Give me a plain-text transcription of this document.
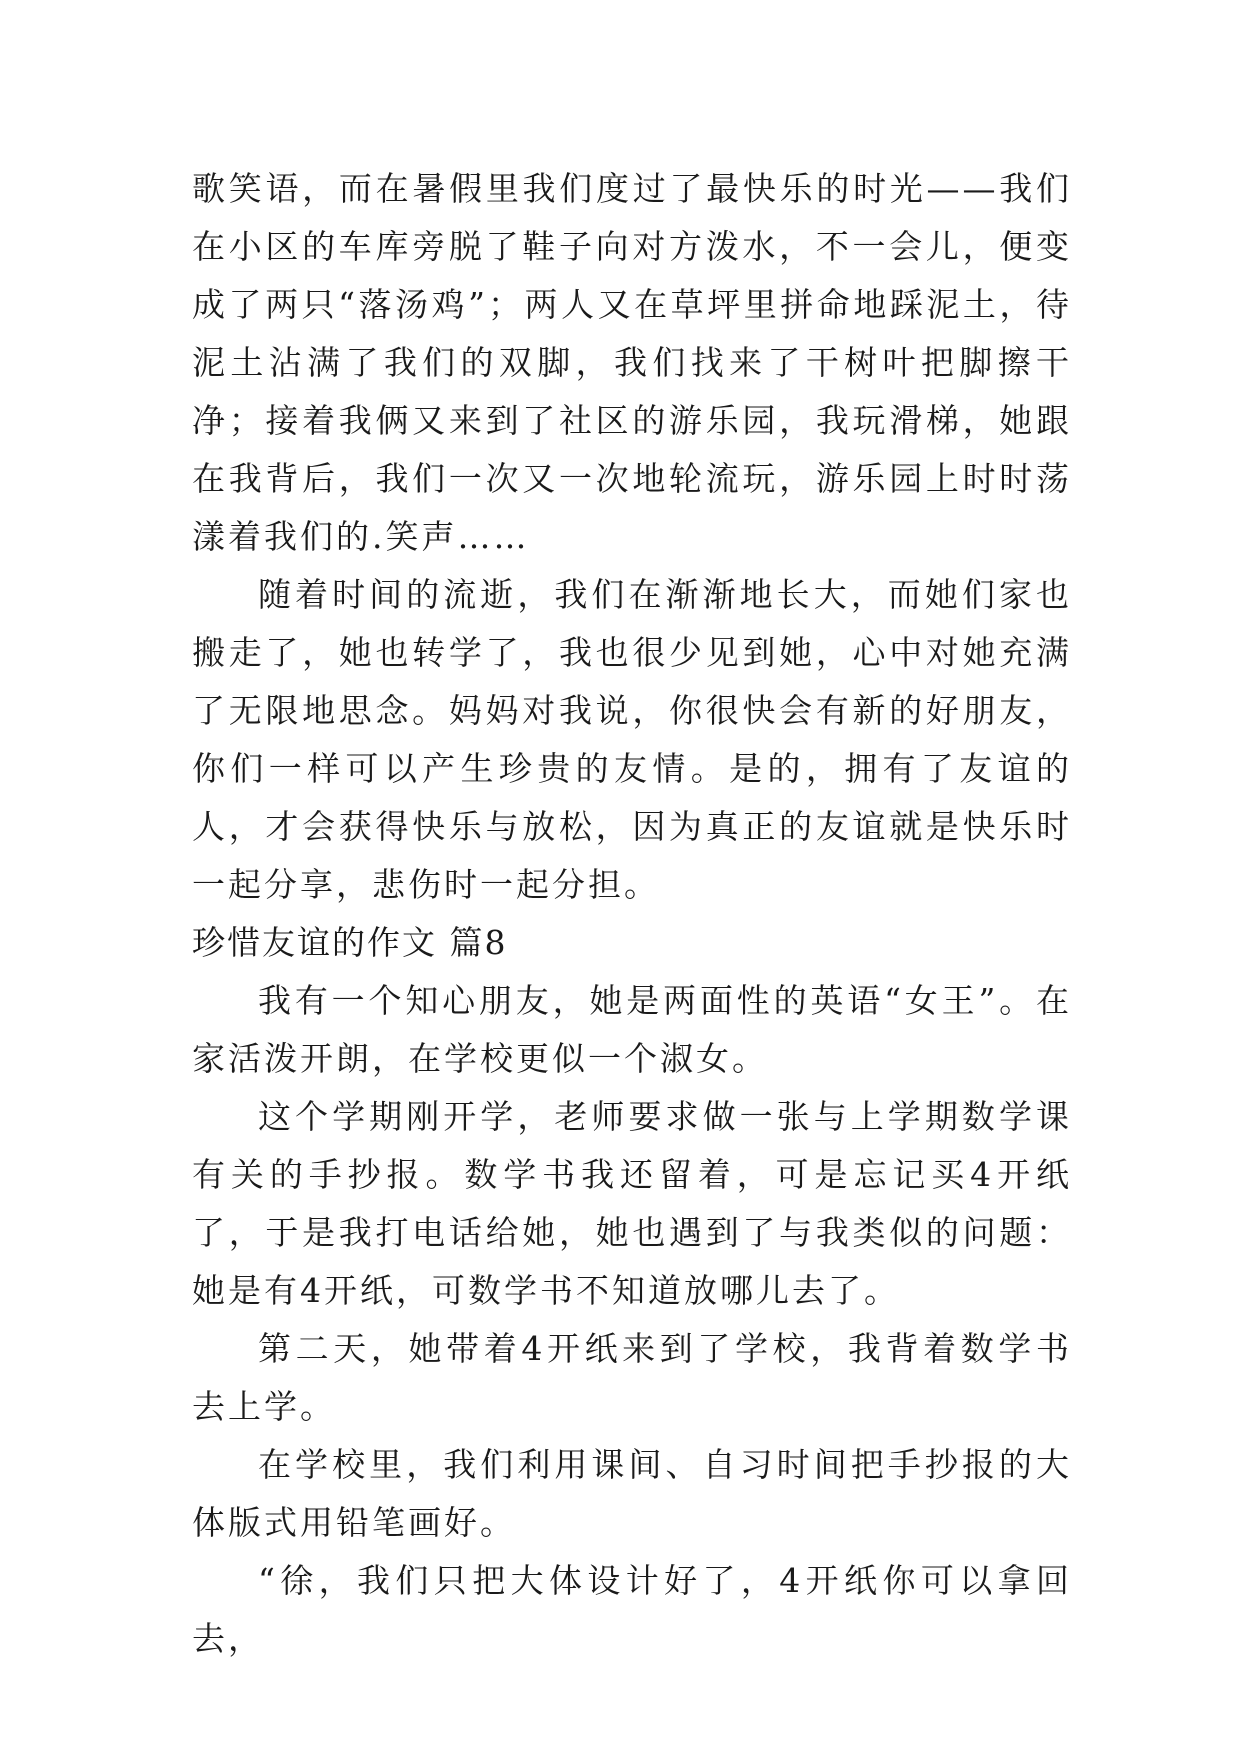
歌笑语，而在暑假里我们度过了最快乐的时光——我们在小区的车库旁脱了鞋子向对方泼水，不一会儿，便变成了两只“落汤鸡”；两人又在草坪里拼命地踩泥土，待泥土沾满了我们的双脚，我们找来了干树叶把脚擦干净；接着我俩又来到了社区的游乐园，我玩滑梯，她跟在我背后，我们一次又一次地轮流玩，游乐园上时时荡漾着我们的.笑声……

随着时间的流逝，我们在渐渐地长大，而她们家也搬走了，她也转学了，我也很少见到她，心中对她充满了无限地思念。妈妈对我说，你很快会有新的好朋友，你们一样可以产生珍贵的友情。是的，拥有了友谊的人，才会获得快乐与放松，因为真正的友谊就是快乐时一起分享，悲伤时一起分担。

珍惜友谊的作文 篇8

我有一个知心朋友，她是两面性的英语“女王”。在家活泼开朗，在学校更似一个淑女。

这个学期刚开学，老师要求做一张与上学期数学课有关的手抄报。数学书我还留着，可是忘记买4开纸了，于是我打电话给她，她也遇到了与我类似的问题：她是有4开纸，可数学书不知道放哪儿去了。

第二天，她带着4开纸来到了学校，我背着数学书去上学。

在学校里，我们利用课间、自习时间把手抄报的大体版式用铅笔画好。

“徐，我们只把大体设计好了，4开纸你可以拿回去，
